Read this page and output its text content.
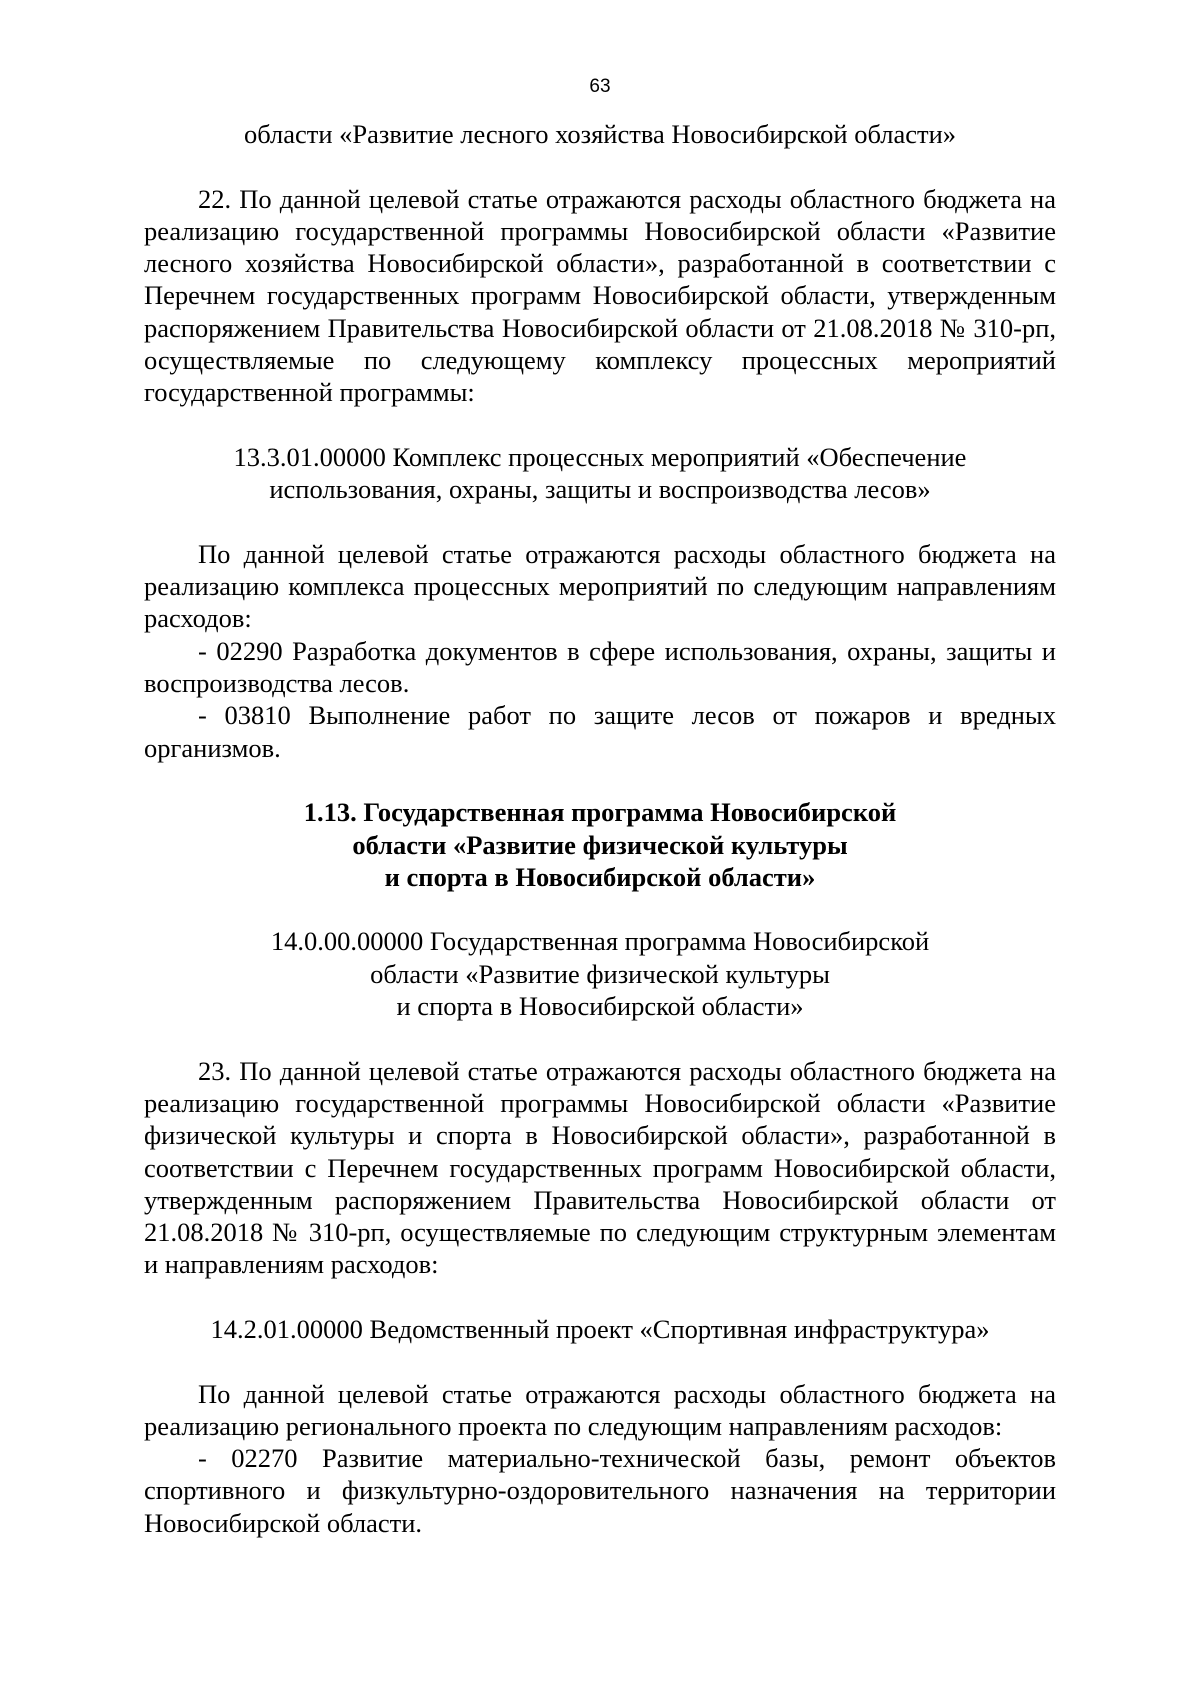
63
области «Развитие лесного хозяйства Новосибирской области»

22. По данной целевой статье отражаются расходы областного бюджета на реализацию государственной программы Новосибирской области «Развитие лесного хозяйства Новосибирской области», разработанной в соответствии с Перечнем государственных программ Новосибирской области, утвержденным распоряжением Правительства Новосибирской области от 21.08.2018 № 310-рп, осуществляемые по следующему комплексу процессных мероприятий государственной программы:

13.3.01.00000 Комплекс процессных мероприятий «Обеспечение
использования, охраны, защиты и воспроизводства лесов»

По данной целевой статье отражаются расходы областного бюджета на реализацию комплекса процессных мероприятий по следующим направлениям расходов:

- 02290 Разработка документов в сфере использования, охраны, защиты и воспроизводства лесов.

- 03810 Выполнение работ по защите лесов от пожаров и вредных организмов.

1.13. Государственная программа Новосибирской
области «Развитие физической культуры
и спорта в Новосибирской области»
14.0.00.00000 Государственная программа Новосибирской
области «Развитие физической культуры
и спорта в Новосибирской области»

23. По данной целевой статье отражаются расходы областного бюджета на реализацию государственной программы Новосибирской области «Развитие физической культуры и спорта в Новосибирской области», разработанной в соответствии с Перечнем государственных программ Новосибирской области, утвержденным распоряжением Правительства Новосибирской области от 21.08.2018 № 310-рп, осуществляемые по следующим структурным элементам и направлениям расходов:

14.2.01.00000 Ведомственный проект «Спортивная инфраструктура»

По данной целевой статье отражаются расходы областного бюджета на реализацию регионального проекта по следующим направлениям расходов:

- 02270 Развитие материально-технической базы, ремонт объектов спортивного и физкультурно-оздоровительного назначения на территории Новосибирской области.
